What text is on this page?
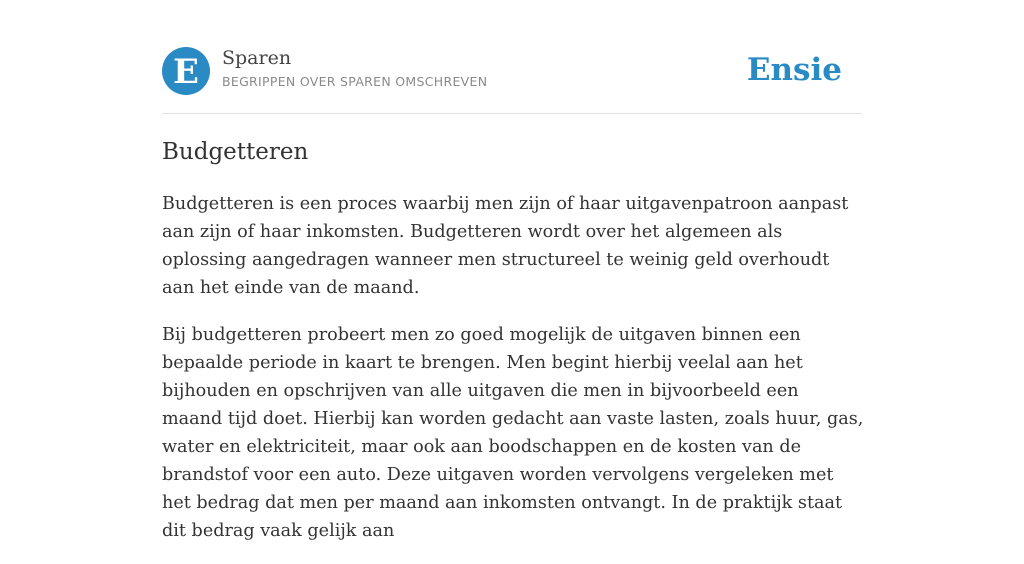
E Sparen
BEGRIPPEN OVER SPAREN OMSCHREVEN	Ensie
Budgetteren

Budgetteren is een proces waarbij men zijn of haar uitgavenpatroon aanpast aan zijn of haar inkomsten. Budgetteren wordt over het algemeen als oplossing aangedragen wanneer men structureel te weinig geld overhoudt aan het einde van de maand.

Bij budgetteren probeert men zo goed mogelijk de uitgaven binnen een bepaalde periode in kaart te brengen. Men begint hierbij veelal aan het bijhouden en opschrijven van alle uitgaven die men in bijvoorbeeld een maand tijd doet. Hierbij kan worden gedacht aan vaste lasten, zoals huur, gas, water en elektriciteit, maar ook aan boodschappen en de kosten van de brandstof voor een auto. Deze uitgaven worden vervolgens vergeleken met het bedrag dat men per maand aan inkomsten ontvangt. In de praktijk staat dit bedrag vaak gelijk aan
